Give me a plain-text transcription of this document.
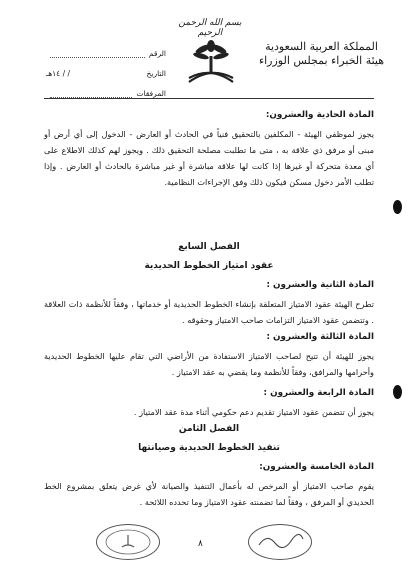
بسم الله الرحمن الرحيم
المملكة العربية السعودية
هيئة الخبراء بمجلس الوزراء
الرقم
التاريخ
/ / ١٤هـ
المرفقات
المادة الحادية والعشرون:
يجوز لموظفي الهيئة - المكلفين بالتحقيق فنياً في الحادث أو العارض - الدخول إلى أي أرض أو مبنى أو مرفق ذي علاقة به ، متى ما تطلبت مصلحة التحقيق ذلك . ويجوز لهم كذلك الاطلاع على أي معدة متحركة أو غيرها إذا كانت لها علاقة مباشرة أو غير مباشرة بالحادث أو العارض . وإذا تطلب الأمر دخول مسكن فيكون ذلك وفق الإجراءات النظامية.
الفصل السابع
عقود امتياز الخطوط الحديدية
المادة الثانية والعشرون :
تطرح الهيئة عقود الامتياز المتعلقة بإنشاء الخطوط الحديدية أو خدماتها ، وفقاً للأنظمة ذات العلاقة . وتتضمن عقود الامتياز التزامات صاحب الامتياز وحقوقه .
المادة الثالثة والعشرون :
يجوز للهيئة أن تتيح لصاحب الامتياز الاستفادة من الأراضي التي تقام عليها الخطوط الحديدية وأحرامها والمرافق، وفقاً للأنظمة وما يقضي به عقد الامتياز .
المادة الرابعة والعشرون :
يجوز أن تتضمن عقود الامتياز تقديم دعم حكومي أثناء مدة عقد الامتياز .
الفصل الثامن
تنفيذ الخطوط الحديدية وصيانتها
المادة الخامسة والعشرون:
يقوم صاحب الامتياز أو المرخص له بأعمال التنفيذ والصيانة لأي غرض يتعلق بمشروع الخط الحديدي أو المرفق ، وفقاً لما تضمنته عقود الامتياز وما تحدده اللائحة .
٨
